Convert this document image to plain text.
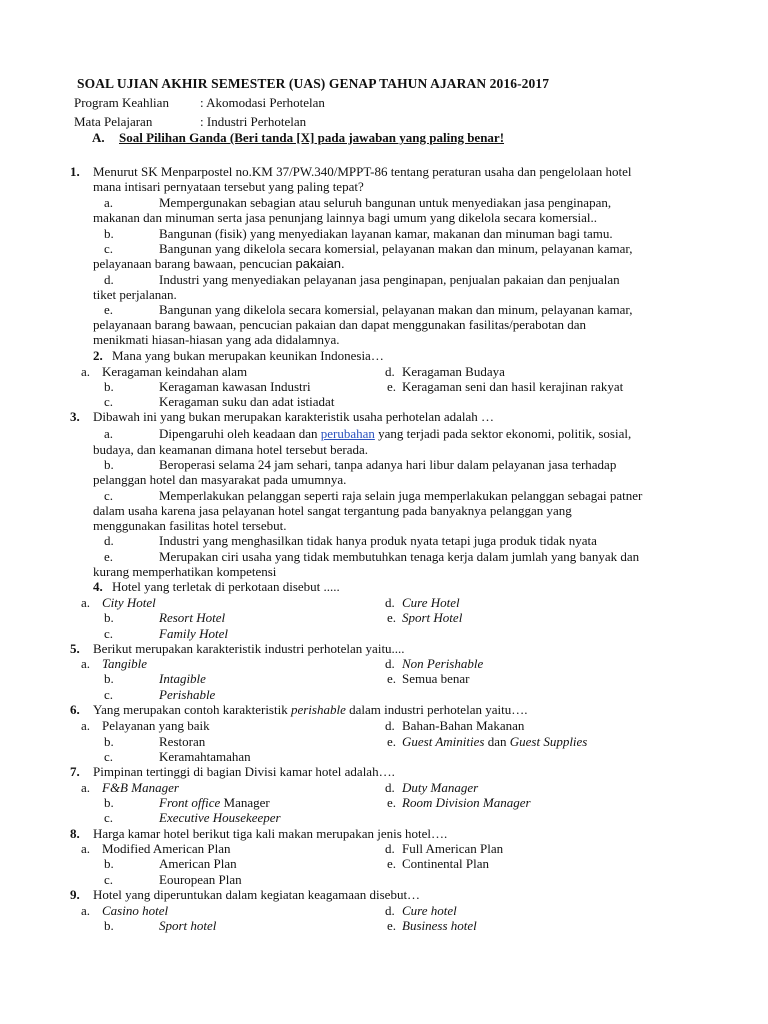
SOAL UJIAN AKHIR SEMESTER (UAS) GENAP TAHUN AJARAN 2016-2017
Program Keahlian : Akomodasi Perhotelan
Mata Pelajaran	: Industri Perhotelan
A. Soal Pilihan Ganda (Beri tanda [X] pada jawaban yang paling benar!
1. Menurut SK Menparpostel no.KM 37/PW.340/MPPT-86 tentang peraturan usaha dan pengelolaan hotel
mana intisari pernyataan tersebut yang paling tepat?
a.	Mempergunakan sebagian atau seluruh bangunan untuk menyediakan jasa penginapan,
makanan dan minuman serta jasa penunjang lainnya bagi umum yang dikelola secara komersial..
b.	Bangunan (fisik) yang menyediakan layanan kamar, makanan dan minuman bagi tamu.
c.	Bangunan yang dikelola secara komersial, pelayanan makan dan minum, pelayanan kamar,
pelayanaan barang bawaan, pencucian pakaian.
d.	Industri yang menyediakan pelayanan jasa penginapan, penjualan pakaian dan penjualan
tiket perjalanan.
e.	Bangunan yang dikelola secara komersial, pelayanan makan dan minum, pelayanan kamar,
pelayanaan barang bawaan, pencucian pakaian dan dapat menggunakan fasilitas/perabotan dan
menikmati hiasan-hiasan yang ada didalamnya.
2. Mana yang bukan merupakan keunikan Indonesia…
a. Keragaman keindahan alam	d. Keragaman Budaya
b.	Keragaman kawasan Industri	e. Keragaman seni dan hasil kerajinan rakyat
c.	Keragaman suku dan adat istiadat
3. Dibawah ini yang bukan merupakan karakteristik usaha perhotelan adalah …
a.	Dipengaruhi oleh keadaan dan perubahan yang terjadi pada sektor ekonomi, politik, sosial,
budaya, dan keamanan dimana hotel tersebut berada.
b.	Beroperasi selama 24 jam sehari, tanpa adanya hari libur dalam pelayanan jasa terhadap
pelanggan hotel dan masyarakat pada umumnya.
c.	Memperlakukan pelanggan seperti raja selain juga memperlakukan pelanggan sebagai patner
dalam usaha karena jasa pelayanan hotel sangat tergantung pada banyaknya pelanggan yang
menggunakan fasilitas hotel tersebut.
d.	Industri yang menghasilkan tidak hanya produk nyata tetapi juga produk tidak nyata
e.	Merupakan ciri usaha yang tidak membutuhkan tenaga kerja dalam jumlah yang banyak dan
kurang memperhatikan kompetensi
4. Hotel yang terletak di perkotaan disebut .....
a. City Hotel	d. Cure Hotel
b.	Resort Hotel	e. Sport Hotel
c.	Family Hotel
5. Berikut merupakan karakteristik industri perhotelan yaitu....
a. Tangible	d. Non Perishable
b.	Intagible	e. Semua benar
c.	Perishable
6. Yang merupakan contoh karakteristik perishable dalam industri perhotelan yaitu….
a. Pelayanan yang baik	d. Bahan-Bahan Makanan
b.	Restoran	e. Guest Aminities dan Guest Supplies
c.	Keramahtamahan
7. Pimpinan tertinggi di bagian Divisi kamar hotel adalah….
a. F&B Manager	d. Duty Manager
b.	Front office Manager	e. Room Division Manager
c.	Executive Housekeeper
8. Harga kamar hotel berikut tiga kali makan merupakan jenis hotel….
a. Modified American Plan	d. Full American Plan
b.	American Plan	e. Continental Plan
c.	Eouropean Plan
9. Hotel yang diperuntukan dalam kegiatan keagamaan disebut…
a. Casino hotel	d. Cure hotel
b.	Sport hotel	e. Business hotel
